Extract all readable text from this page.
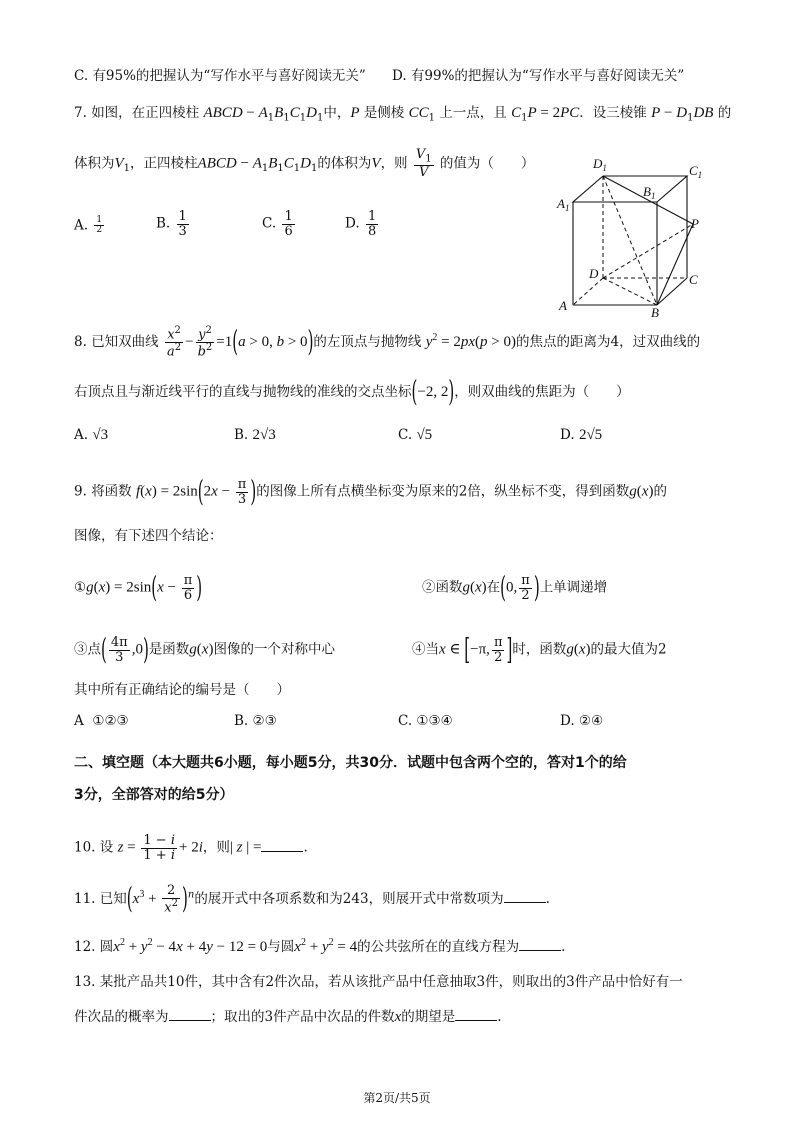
C. 有95%的把握认为“写作水平与喜好阅读无关” D. 有99%的把握认为“写作水平与喜好阅读无关”
7. 如图，在正四棱柱 ABCD − $A_1B_1C_1D_1$中，P 是侧棱 $CC_1$ 上一点，且 $C_1P = 2PC$．设三棱锥 $P - D_1DB$ 的
体积为$V_1$，正四棱柱ABCD − $A_1B_1C_1D_1$的体积为V，则 $\frac{V_1}{V}$ 的值为（　　）
A. $\frac{1}{2}$	B. $\frac{1}{3}$	C. $\frac{1}{6}$	D. $\frac{1}{8}$
$D_1$	$C_1$
$B_1$
$A_1$
P
D	C
A	B
8. 已知双曲线 $\frac{x^2}{a^2} - \frac{y^2}{b^2} =1(a > 0$, b > 0)的左顶点与抛物线 $y^2 = 2px(p > 0)$的焦点的距离为4，过双曲线的
右顶点且与渐近线平行的直线与抛物线的准线的交点坐标(−2, 2)，则双曲线的焦距为（　　）
A. √3	B. 2√3	C. √5	D. 2√5
9. 将函数 $f(x) = 2\sin(2x - \frac{\pi}{3}$ )的图像上所有点横坐标变为原来的2倍，纵坐标不变，得到函数g(x)的
图像，有下述四个结论：
①g(x) = $2\sin(x - \frac{\pi}{6}$ )	②函数g(x)在(0, $\frac{\pi}{2}$ )上单调递增
③点( $\frac{4\pi}{3} ,0$)是函数g(x)图像的一个对称中心	④当x ∈ [−π, $\frac{\pi}{2}$ ]时，函数g(x)的最大值为2
其中所有正确结论的编号是（　　）
A ①②③	B. ②③	C. ①③④	D. ②④
二、填空题（本大题共6小题，每小题5分，共30分．试题中包含两个空的，答对1个的给
3分，全部答对的给5分）
10. 设 $z = \frac{1 - i}{1 + i} + 2i$，则| z | =	.
11. 已知$(x^3 + \frac{2}{x^2} )^n$的展开式中各项系数和为243，则展开式中常数项为	.
12. 圆$x^2 + y^2 - 4x + 4y - 12 = 0$与圆$x^2 + y^2 = 4$的公共弦所在的直线方程为	.
13. 某批产品共10件，其中含有2件次品，若从该批产品中任意抽取3件，则取出的3件产品中恰好有一
件次品的概率为	；取出的3件产品中次品的件数x的期望是	.
第2页/共5页
